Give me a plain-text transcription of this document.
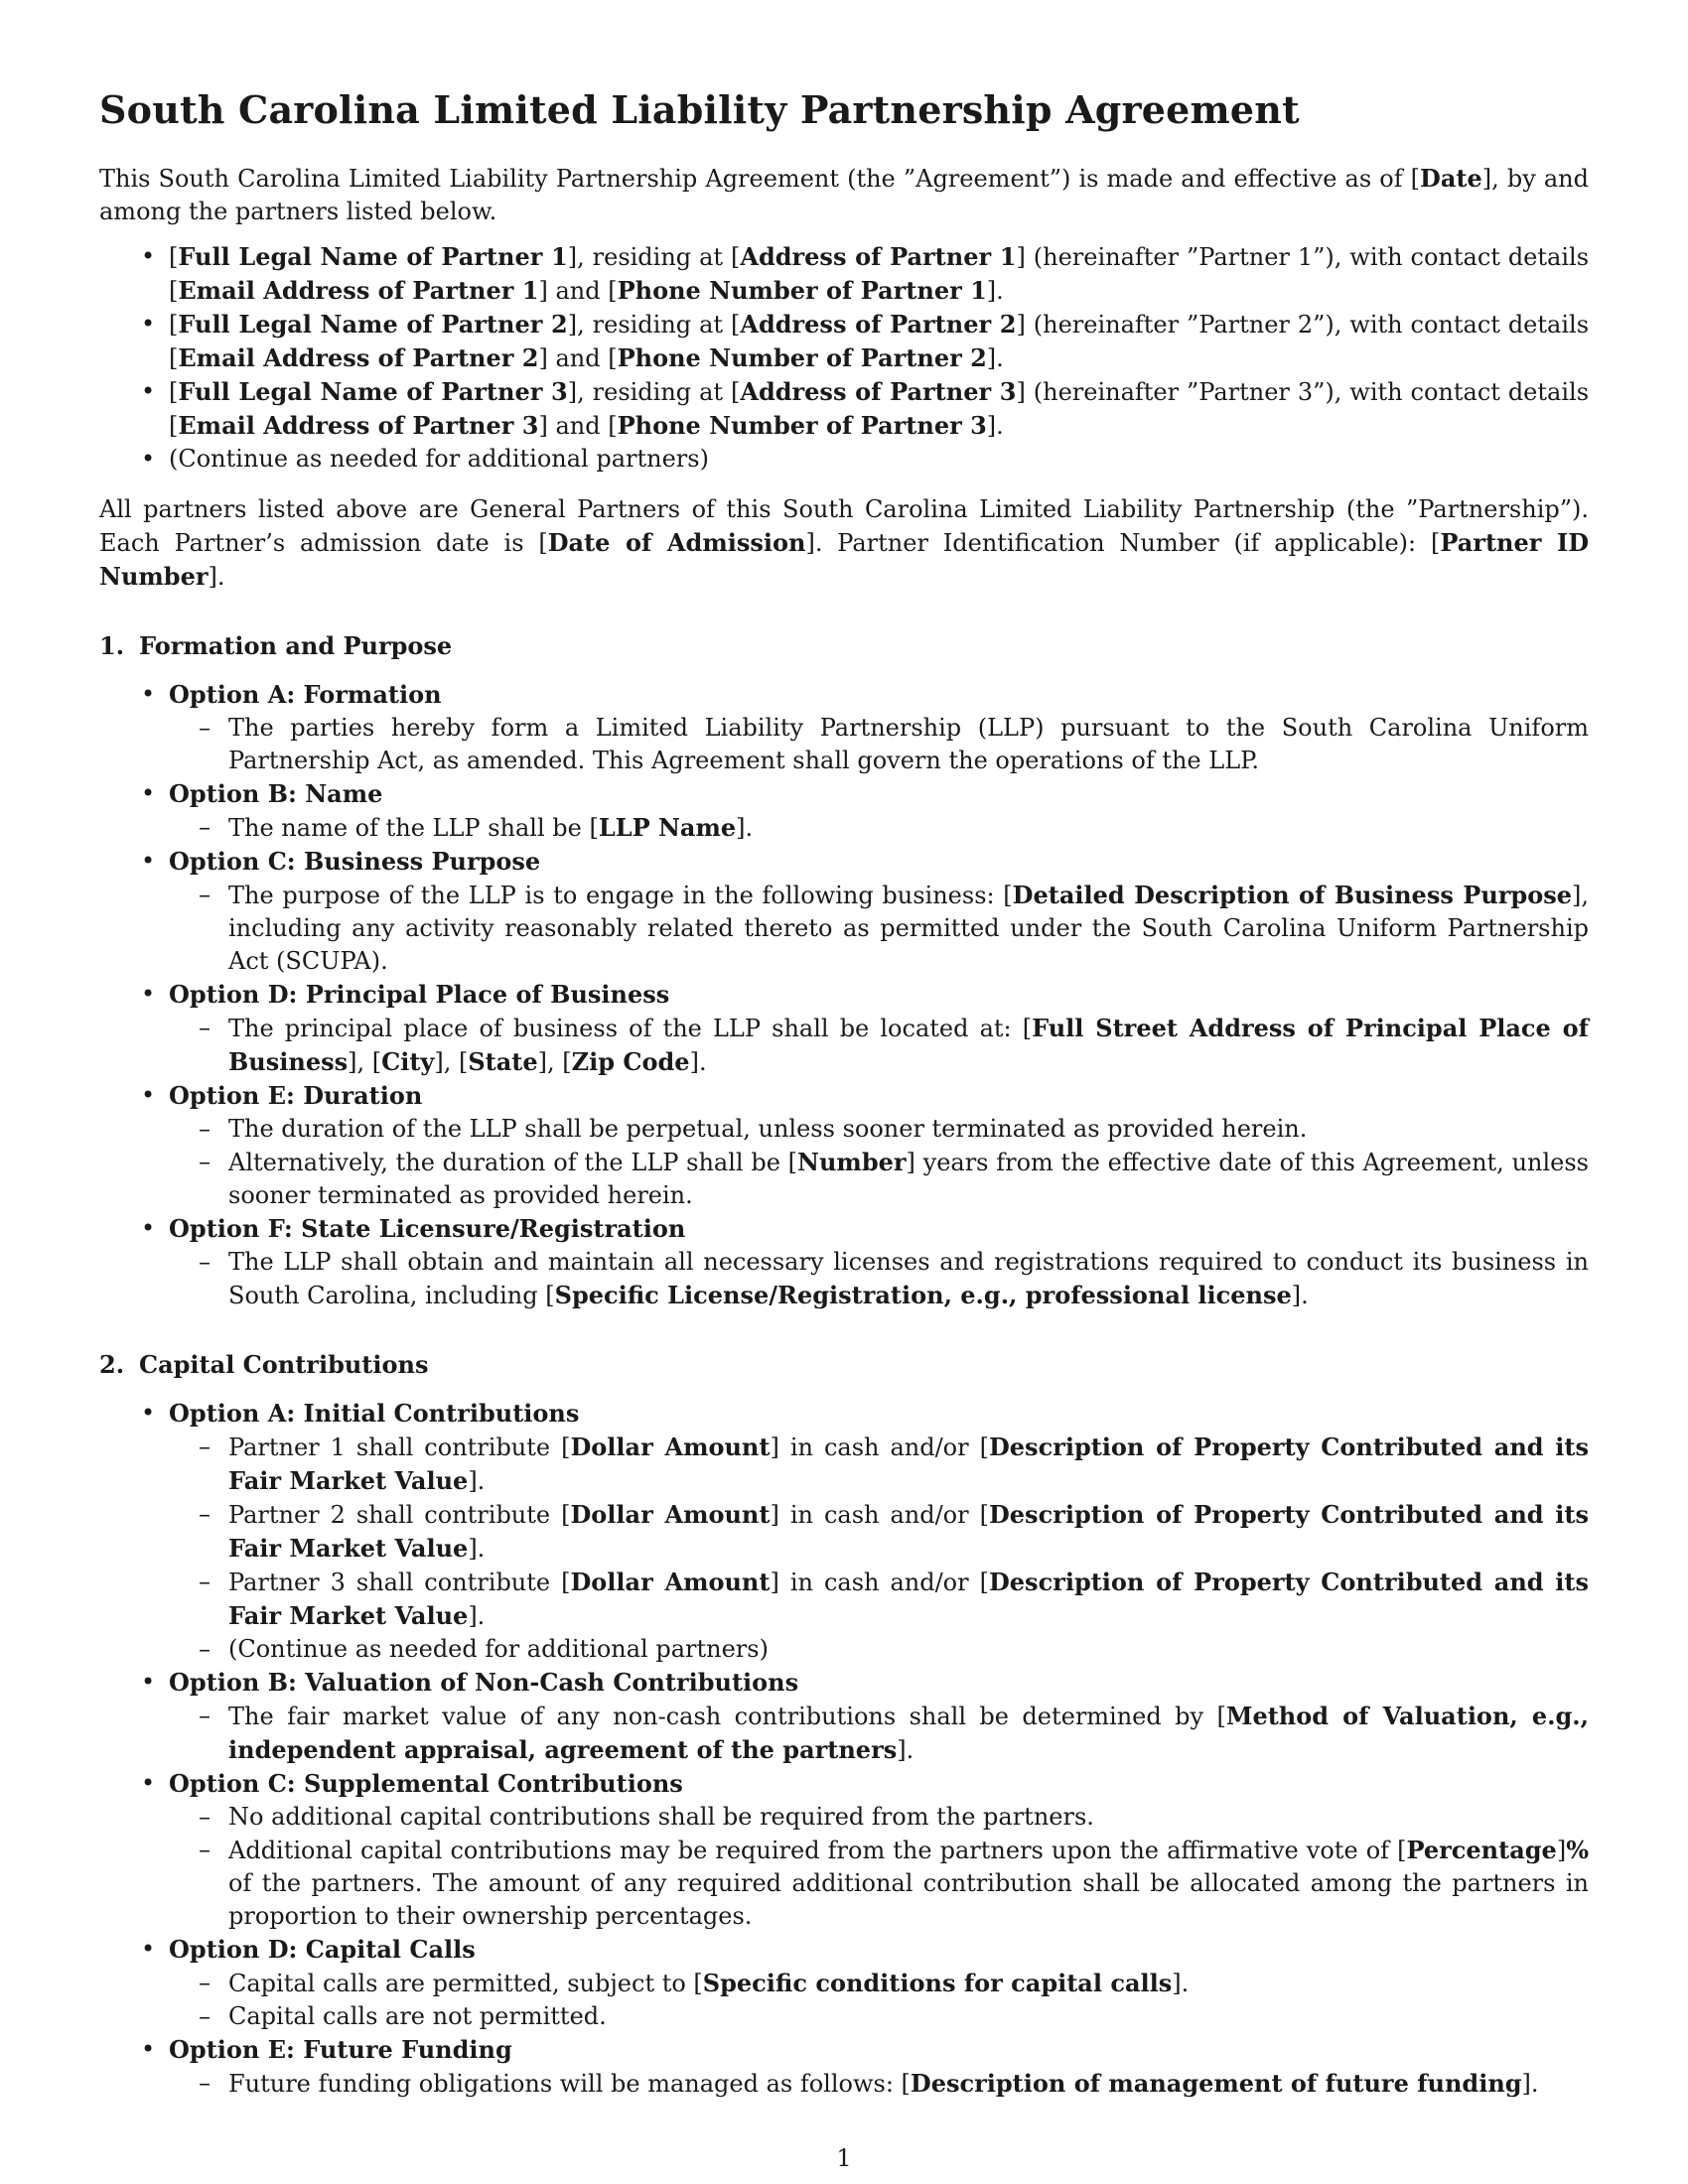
South Carolina Limited Liability Partnership Agreement

This South Carolina Limited Liability Partnership Agreement (the ”Agreement”) is made and effective as of [Date], by and among the partners listed below.

• [Full Legal Name of Partner 1], residing at [Address of Partner 1] (hereinafter ”Partner 1”), with contact details [Email Address of Partner 1] and [Phone Number of Partner 1].
• [Full Legal Name of Partner 2], residing at [Address of Partner 2] (hereinafter ”Partner 2”), with contact details [Email Address of Partner 2] and [Phone Number of Partner 2].
• [Full Legal Name of Partner 3], residing at [Address of Partner 3] (hereinafter ”Partner 3”), with contact details [Email Address of Partner 3] and [Phone Number of Partner 3].
• (Continue as needed for additional partners)

All partners listed above are General Partners of this South Carolina Limited Liability Partnership (the ”Partnership”). Each Partner’s admission date is [Date of Admission]. Partner Identification Number (if applicable): [Partner ID Number].

1. Formation and Purpose
• Option A: Formation
– The parties hereby form a Limited Liability Partnership (LLP) pursuant to the South Carolina Uniform Partnership Act, as amended. This Agreement shall govern the operations of the LLP.
• Option B: Name
– The name of the LLP shall be [LLP Name].
• Option C: Business Purpose
– The purpose of the LLP is to engage in the following business: [Detailed Description of Business Purpose], including any activity reasonably related thereto as permitted under the South Carolina Uniform Partnership Act (SCUPA).
• Option D: Principal Place of Business
– The principal place of business of the LLP shall be located at: [Full Street Address of Principal Place of Business], [City], [State], [Zip Code].
• Option E: Duration
– The duration of the LLP shall be perpetual, unless sooner terminated as provided herein.
– Alternatively, the duration of the LLP shall be [Number] years from the effective date of this Agreement, unless sooner terminated as provided herein.
• Option F: State Licensure/Registration
– The LLP shall obtain and maintain all necessary licenses and registrations required to conduct its business in South Carolina, including [Specific License/Registration, e.g., professional license].
2. Capital Contributions
• Option A: Initial Contributions
– Partner 1 shall contribute [Dollar Amount] in cash and/or [Description of Property Contributed and its Fair Market Value].
– Partner 2 shall contribute [Dollar Amount] in cash and/or [Description of Property Contributed and its Fair Market Value].
– Partner 3 shall contribute [Dollar Amount] in cash and/or [Description of Property Contributed and its Fair Market Value].
– (Continue as needed for additional partners)
• Option B: Valuation of Non-Cash Contributions
– The fair market value of any non-cash contributions shall be determined by [Method of Valuation, e.g., independent appraisal, agreement of the partners].
• Option C: Supplemental Contributions
– No additional capital contributions shall be required from the partners.
– Additional capital contributions may be required from the partners upon the affirmative vote of [Percentage]% of the partners. The amount of any required additional contribution shall be allocated among the partners in proportion to their ownership percentages.
• Option D: Capital Calls
– Capital calls are permitted, subject to [Specific conditions for capital calls].
– Capital calls are not permitted.
• Option E: Future Funding
– Future funding obligations will be managed as follows: [Description of management of future funding].
1
